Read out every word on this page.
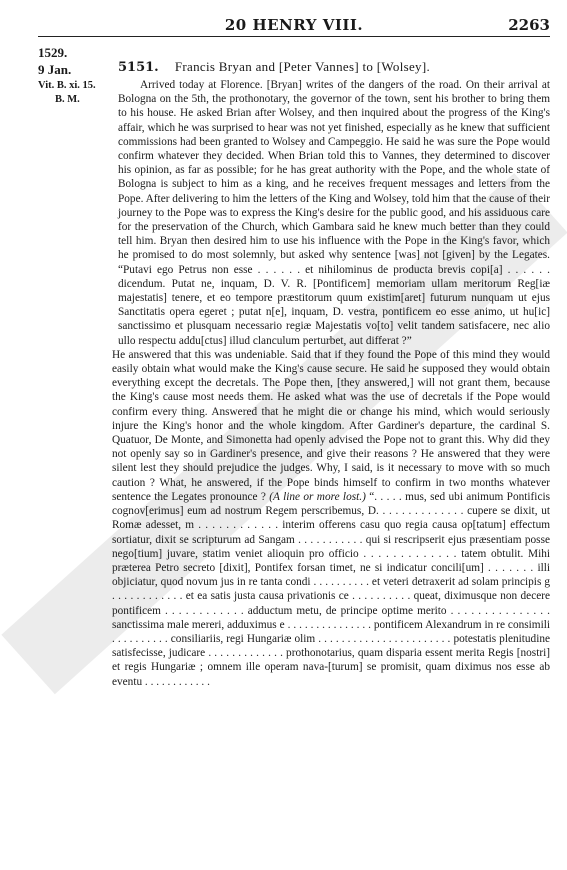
20 HENRY VIII.	2263
1529.
9 Jan.
Vit. B. xi. 15.
B. M.
5151. Francis Bryan and [Peter Vannes] to [Wolsey].

Arrived today at Florence. [Bryan] writes of the dangers of the road. On their arrival at Bologna on the 5th, the prothonotary, the governor of the town, sent his brother to bring them to his house. He asked Brian after Wolsey, and then inquired about the progress of the King's affair, which he was surprised to hear was not yet finished, especially as he knew that sufficient commissions had been granted to Wolsey and Campeggio. He said he was sure the Pope would confirm whatever they decided. When Brian told this to Vannes, they determined to discover his opinion, as far as possible; for he has great authority with the Pope, and the whole state of Bologna is subject to him as a king, and he receives frequent messages and letters from the Pope. After delivering to him the letters of the King and Wolsey, told him that the cause of their journey to the Pope was to express the King's desire for the public good, and his assiduous care for the preservation of the Church, which Gambara said he knew much better than they could tell him. Bryan then desired him to use his influence with the Pope in the King's favor, which he promised to do most solemnly, but asked why sentence [was] not [given] by the Legates. “Putavi ego Petrus non esse . . . . . . et nihilominus de producta brevis copi[a] . . . . . . dicendum. Putat ne, inquam, D. V. R. [Pontificem] memoriam ullam meritorum Reg[iæ majestatis] tenere, et eo tempore præstitorum quum existim[aret] futurum nunquam ut ejus Sanctitatis opera egeret ; putat n[e], inquam, D. vestra, pontificem eo esse animo, ut hu[ic] sanctissimo et plusquam necessario regiæ Majestatis vo[to] velit tandem satisfacere, nec alio ullo respectu addu[ctus] illud clanculum perturbet, aut differat ?”

He answered that this was undeniable. Said that if they found the Pope of this mind they would easily obtain what would make the King's cause secure. He said he supposed they would obtain everything except the decretals. The Pope then, [they answered,] will not grant them, because the King's cause most needs them. He asked what was the use of decretals if the Pope would confirm every thing. Answered that he might die or change his mind, which would seriously injure the King's honor and the whole kingdom. After Gardiner's departure, the cardinal S. Quatuor, De Monte, and Simonetta had openly advised the Pope not to grant this. Why did they not openly say so in Gardiner's presence, and give their reasons ? He answered that they were silent lest they should prejudice the judges. Why, I said, is it necessary to move with so much caution ? What, he answered, if the Pope binds himself to confirm in two months whatever sentence the Legates pronounce ? (A line or more lost.) “. . . . . mus, sed ubi animum Pontificis cognov[erimus] eum ad nostrum Regem perscribemus, D. . . . . . . . . . . . . . cupere se dixit, ut Romæ adesset, m . . . . . . . . . . . . interim offerens casu quo regia causa op[tatum] effectum sortiatur, dixit se scripturum ad Sangam . . . . . . . . . . . qui si rescripserit ejus præsentiam posse nego[tium] juvare, statim veniet alioquin pro officio . . . . . . . . . . . . . tatem obtulit. Mihi præterea Petro secreto [dixit], Pontifex forsan timet, ne si indicatur concili[um] . . . . . . . illi objiciatur, quod novum jus in re tanta condi . . . . . . . . . . et veteri detraxerit ad solam principis g . . . . . . . . . . . . et ea satis justa causa privationis ce . . . . . . . . . . queat, diximusque non decere pontificem . . . . . . . . . . . . adductum metu, de principe optime merito . . . . . . . . . . . . . . . sanctissima male mereri, adduximus e . . . . . . . . . . . . . . . pontificem Alexandrum in re consimili . . . . . . . . . . consiliariis, regi Hungariæ olim . . . . . . . . . . . . . . . . . . . . . . . potestatis plenitudine satisfecisse, judicare . . . . . . . . . . . . . prothonotarius, quam disparia essent merita Regis [nostri] et regis Hungariæ ; omnem ille operam nava-[turum] se promisit, quam diximus nos esse ab eventu . . . . . . . . . . . .
